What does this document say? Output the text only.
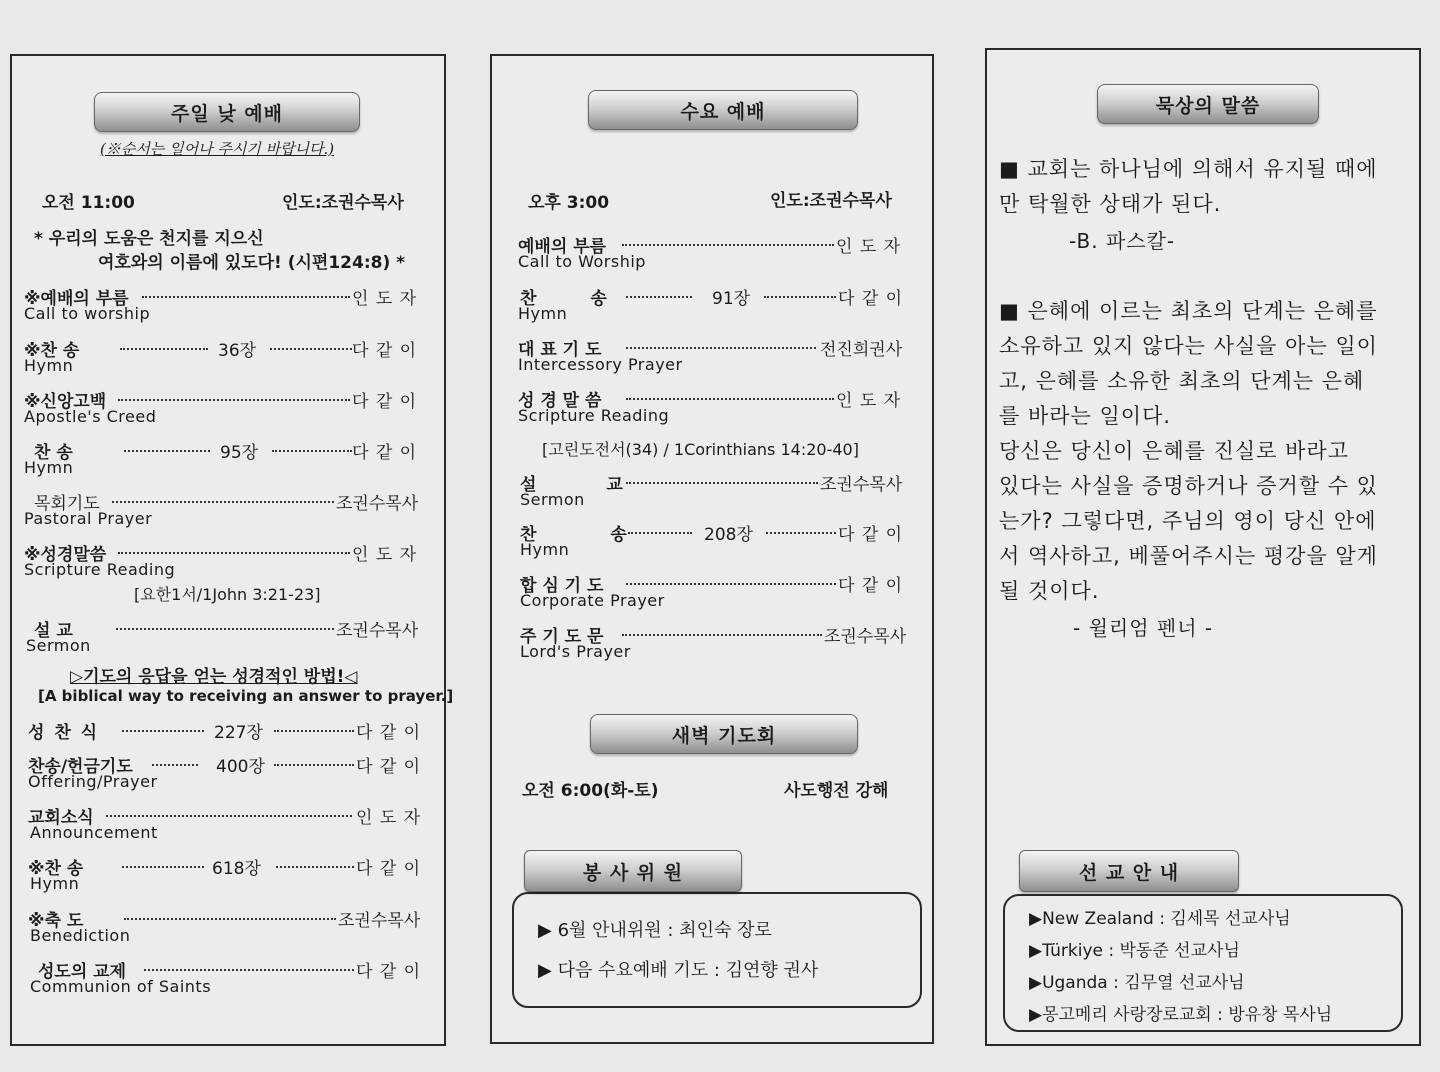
주일 낮 예배
(※순서는 일어나 주시기 바랍니다.)
오전 11:00	인도:조권수목사
* 우리의 도움은 천지를 지으신
여호와의 이름에 있도다! (시편124:8) *
※예배의 부름	인 도 자
Call to worship
※찬 송	36장	다 같 이
Hymn
※신앙고백	다 같 이
Apostle's Creed
찬 송	95장	다 같 이
Hymn
목회기도	조권수목사
Pastoral Prayer
※성경말씀	인 도 자
Scripture Reading
[요한1서/1John 3:21-23]
설 교	조권수목사
Sermon
▷기도의 응답을 얻는 성경적인 방법!◁
[A biblical way to receiving an answer to prayer.]
성 찬 식	227장	다 같 이
찬송/헌금기도	400장	다 같 이
Offering/Prayer
교회소식	인 도 자
Announcement
※찬 송	618장	다 같 이
Hymn
※축 도	조권수목사
Benediction
성도의 교제	다 같 이
Communion of Saints
수요 예배
오후 3:00	인도:조권수목사
예배의 부름	인 도 자
Call to Worship
찬 송	91장	다 같 이
Hymn
대 표 기 도	전진희권사
Intercessory Prayer
성 경 말 씀	인 도 자
Scripture Reading
[고린도전서(34) / 1Corinthians 14:20-40]
설 교	조권수목사
Sermon
찬 송	208장	다 같 이
Hymn
합 심 기 도	다 같 이
Corporate Prayer
주 기 도 문	조권수목사
Lord's Prayer
새벽 기도회
오전 6:00(화-토)	사도행전 강해
▶ 6월 안내위원 : 최인숙 장로
▶ 다음 수요예배 기도 : 김연향 권사
봉 사 위 원
묵상의 말씀
■ 교회는 하나님에 의해서 유지될 때에
만 탁월한 상태가 된다.
-B. 파스칼-
■ 은혜에 이르는 최초의 단계는 은혜를
소유하고 있지 않다는 사실을 아는 일이
고, 은혜를 소유한 최초의 단계는 은혜
를 바라는 일이다.
당신은 당신이 은혜를 진실로 바라고
있다는 사실을 증명하거나 증거할 수 있
는가? 그렇다면, 주님의 영이 당신 안에
서 역사하고, 베풀어주시는 평강을 알게
될 것이다.
- 윌리엄 펜너 -
▶New Zealand : 김세목 선교사님
▶Türkiye : 박동준 선교사님
▶Uganda : 김무열 선교사님
▶몽고메리 사랑장로교회 : 방유창 목사님
선 교 안 내
